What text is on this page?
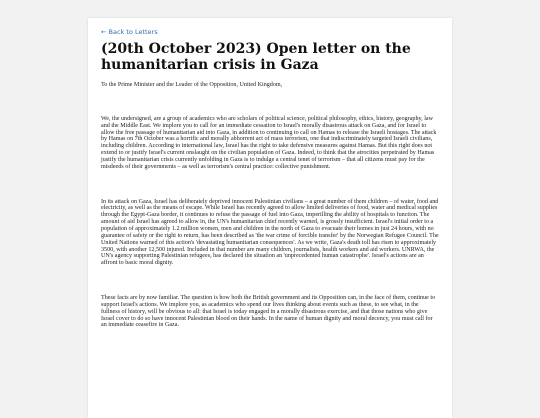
← Back to Letters
(20th October 2023) Open letter on the humanitarian crisis in Gaza

To the Prime Minister and the Leader of the Opposition, United Kingdom,

We, the undersigned, are a group of academics who are scholars of political science, political philosophy, ethics, history, geography, law and the Middle East. We implore you to call for an immediate cessation to Israel's morally disastrous attack on Gaza, and for Israel to allow the free passage of humanitarian aid into Gaza, in addition to continuing to call on Hamas to release the Israeli hostages. The attack by Hamas on 7th October was a horrific and morally abhorrent act of mass terrorism, one that indiscriminately targeted Israeli civilians, including children. According to international law, Israel has the right to take defensive measures against Hamas. But this right does not extend to or justify Israel's current onslaught on the civilian population of Gaza. Indeed, to think that the atrocities perpetrated by Hamas justify the humanitarian crisis currently unfolding in Gaza is to indulge a central tenet of terrorism – that all citizens must pay for the misdeeds of their governments – as well as terrorism's central practice: collective punishment.

In its attack on Gaza, Israel has deliberately deprived innocent Palestinian civilians – a great number of them children – of water, food and electricity, as well as the means of escape. While Israel has recently agreed to allow limited deliveries of food, water and medical supplies through the Egypt-Gaza border, it continues to refuse the passage of fuel into Gaza, imperilling the ability of hospitals to function. The amount of aid Israel has agreed to allow in, the UN's humanitarian chief recently warned, is grossly insufficient. Israel's initial order to a population of approximately 1.2 million women, men and children in the north of Gaza to evacuate their homes in just 24 hours, with no guarantee of safety or the right to return, has been described as 'the war crime of forcible transfer' by the Norwegian Refugee Council. The United Nations warned of this action's 'devastating humanitarian consequences'. As we write, Gaza's death toll has risen to approximately 3500, with another 12,500 injured. Included in that number are many children, journalists, health workers and aid workers. UNRWA, the UN's agency supporting Palestinian refugees, has declared the situation an 'unprecedented human catastrophe'. Israel's actions are an affront to basic moral dignity.

These facts are by now familiar. The question is how both the British government and its Opposition can, in the face of them, continue to support Israel's actions. We implore you, as academics who spend our lives thinking about events such as these, to see what, in the fullness of history, will be obvious to all: that Israel is today engaged in a morally disastrous exercise, and that those nations who give Israel cover to do so have innocent Palestinian blood on their hands. In the name of human dignity and moral decency, you must call for an immediate ceasefire in Gaza.
